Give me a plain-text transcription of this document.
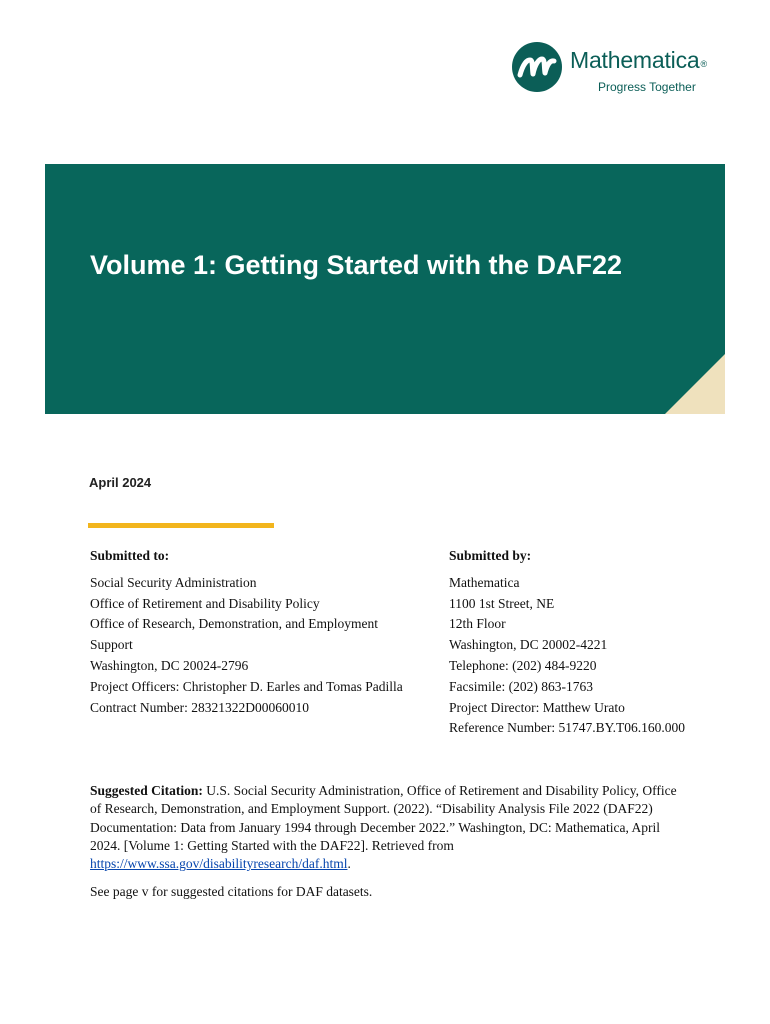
Mathematica®
Progress Together
Volume 1: Getting Started with the DAF22
April 2024
Submitted to:
Social Security Administration
Office of Retirement and Disability Policy
Office of Research, Demonstration, and Employment Support
Washington, DC 20024-2796
Project Officers: Christopher D. Earles and Tomas Padilla
Contract Number: 28321322D00060010
Submitted by:
Mathematica
1100 1st Street, NE
12th Floor
Washington, DC 20002-4221
Telephone: (202) 484-9220
Facsimile: (202) 863-1763
Project Director: Matthew Urato
Reference Number: 51747.BY.T06.160.000
Suggested Citation: U.S. Social Security Administration, Office of Retirement and Disability Policy, Office of Research, Demonstration, and Employment Support. (2022). “Disability Analysis File 2022 (DAF22) Documentation: Data from January 1994 through December 2022.” Washington, DC: Mathematica, April 2024. [Volume 1: Getting Started with the DAF22]. Retrieved from https://www.ssa.gov/disabilityresearch/daf.html.
See page v for suggested citations for DAF datasets.
